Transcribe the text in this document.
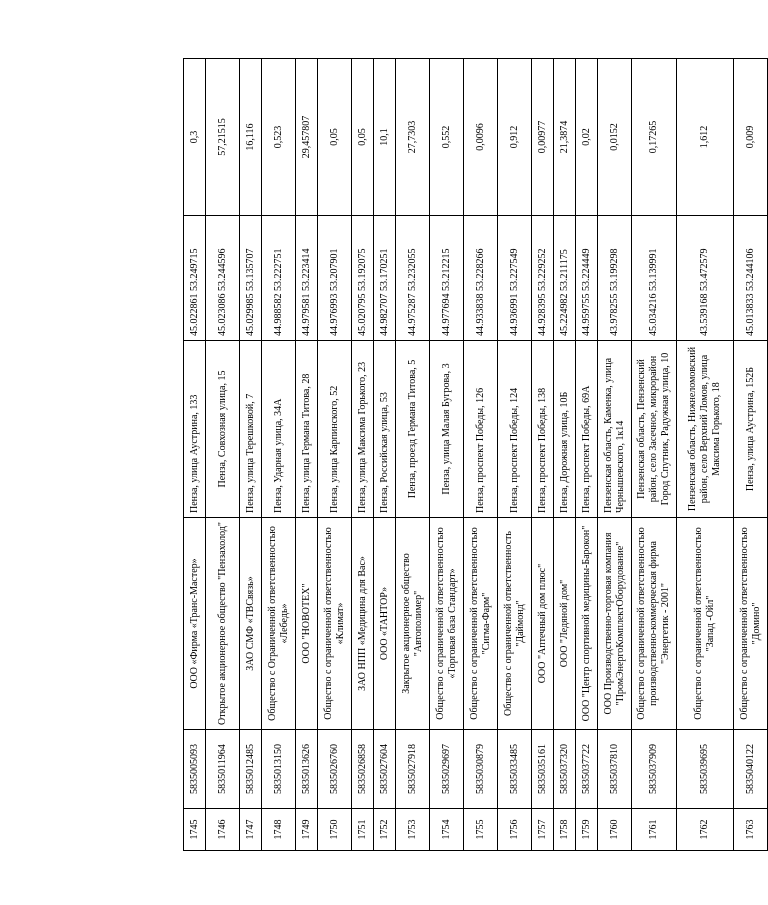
1745	5835005093	ООО «Фирма «Транс-Мастер»	Пенза, улица Аустрина, 133	45.022861 53.249715	0,3
1746	5835011964	Открытое акционерное общество "Пензахолод"	Пенза, Совхозная улица, 15	45.023086 53.244596	57,21515
1747	5835012485	ЗАО СМФ «ТВСвязь»	Пенза, улица Терешковой, 7	45.029985 53.135707	16,116
1748	5835013150	Общество с Ограниченной ответственностью «Лебедь»	Пенза, Ударная улица, 34А	44.988582 53.222751	0,523
1749	5835013626	ООО "НОВОТЕХ"	Пенза, улица Германа Титова, 28	44.979581 53.223414	29,457807
1750	5835026760	Общество с ограниченной ответственностью «Климат»	Пенза, улица Карпинского, 52	44.976993 53.207901	0,05
1751	5835026858	ЗАО НПП «Медицина для Вас»	Пенза, улица Максима Горького, 23	45.020795 53.192075	0,05
1752	5835027604	ООО «ТАНТОР»	Пенза, Российская улица, 53	44.982707 53.170251	10,1
1753	5835027918	Закрытое акционерное общество "Автополимер"	Пенза, проезд Германа Титова, 5	44.975287 53.232055	27,7303
1754	5835029697	Общество с ограниченной ответственностью «Торговая база Стандарт»	Пенза, улица Малая Бугрова, 3	44.977694 53.212215	0,552
1755	5835030879	Общество с ограниченной ответственностью "Сигма-Фарм"	Пенза, проспект Победы, 126	44.933838 53.228266	0,0096
1756	5835033485	Общество с ограниченной ответственность "Даймонд"	Пенза, проспект Победы, 124	44.936991 53.227549	0,912
1757	5835035161	ООО "Аптечный дом плюс"	Пенза, проспект Победы, 138	44.928395 53.229252	0,00977
1758	5835037320	ООО "Ледяной дом"	Пенза, Дорожная улица, 10Б	45.224982 53.211175	21,3874
1759	5835037722	ООО "Центр спортивной медицины-Барокон"	Пенза, проспект Победы, 69А	44.959755 53.224449	0,02
1760	5835037810	ООО Производственно-торговая компания "ПромЭнергоКомплектОборудование"	Пензенская область, Каменка, улица Чернышевского, 1к14	43.978255 53.199298	0,0152
1761	5835037909	Общество с ограниченной ответственностью производственно-коммерческая фирма "Энергетик - 2001"	Пензенская область, Пензенский район, село Засечное, микрорайон Город Спутник, Радужная улица, 10	45.034216 53.139991	0,17265
1762	5835039695	Общество с ограниченной ответственностью "Запад -Ойл"	Пензенская область, Нижнеломовский район, село Верхний Ломов, улица Максима Горького, 18	43.539168 53.472579	1,612
1763	5835040122	Общество с ограниченной ответственностью "Домино"	Пенза, улица Аустрина, 152Б	45.013833 53.244106	0,009
